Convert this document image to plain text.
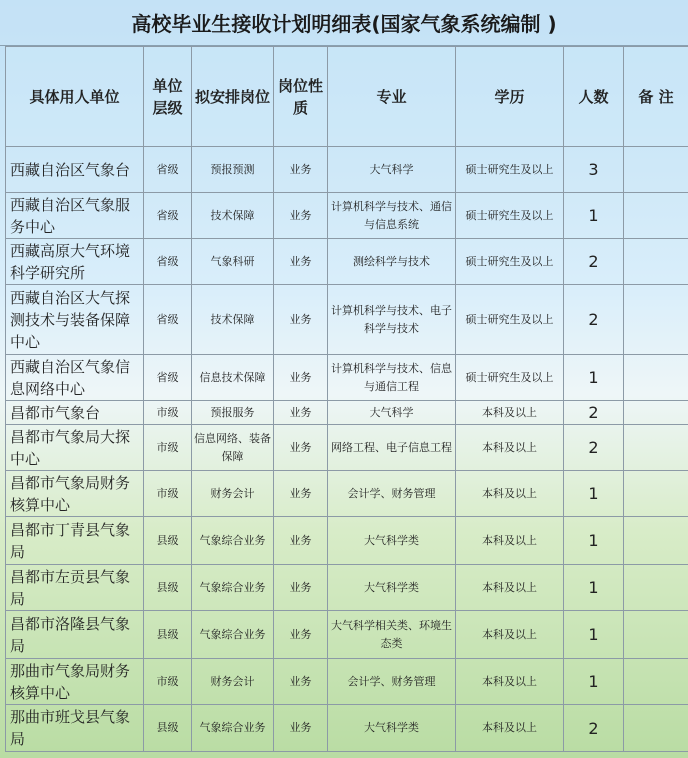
高校毕业生接收计划明细表(国家气象系统编制 )
具体用人单位	单位层级	拟安排岗位	岗位性质	专业	学历	人数	备 注
西藏自治区气象台	省级	预报预测	业务	大气科学	硕士研究生及以上	3	
西藏自治区气象服务中心	省级	技术保障	业务	计算机科学与技术、通信与信息系统	硕士研究生及以上	1	
西藏高原大气环境科学研究所	省级	气象科研	业务	测绘科学与技术	硕士研究生及以上	2	
西藏自治区大气探测技术与装备保障中心	省级	技术保障	业务	计算机科学与技术、电子科学与技术	硕士研究生及以上	2	
西藏自治区气象信息网络中心	省级	信息技术保障	业务	计算机科学与技术、信息与通信工程	硕士研究生及以上	1	
昌都市气象台	市级	预报服务	业务	大气科学	本科及以上	2	
昌都市气象局大探中心	市级	信息网络、装备保障	业务	网络工程、电子信息工程	本科及以上	2	
昌都市气象局财务核算中心	市级	财务会计	业务	会计学、财务管理	本科及以上	1	
昌都市丁青县气象局	县级	气象综合业务	业务	大气科学类	本科及以上	1	
昌都市左贡县气象局	县级	气象综合业务	业务	大气科学类	本科及以上	1	
昌都市洛隆县气象局	县级	气象综合业务	业务	大气科学相关类、环境生态类	本科及以上	1	
那曲市气象局财务核算中心	市级	财务会计	业务	会计学、财务管理	本科及以上	1	
那曲市班戈县气象局	县级	气象综合业务	业务	大气科学类	本科及以上	2	
